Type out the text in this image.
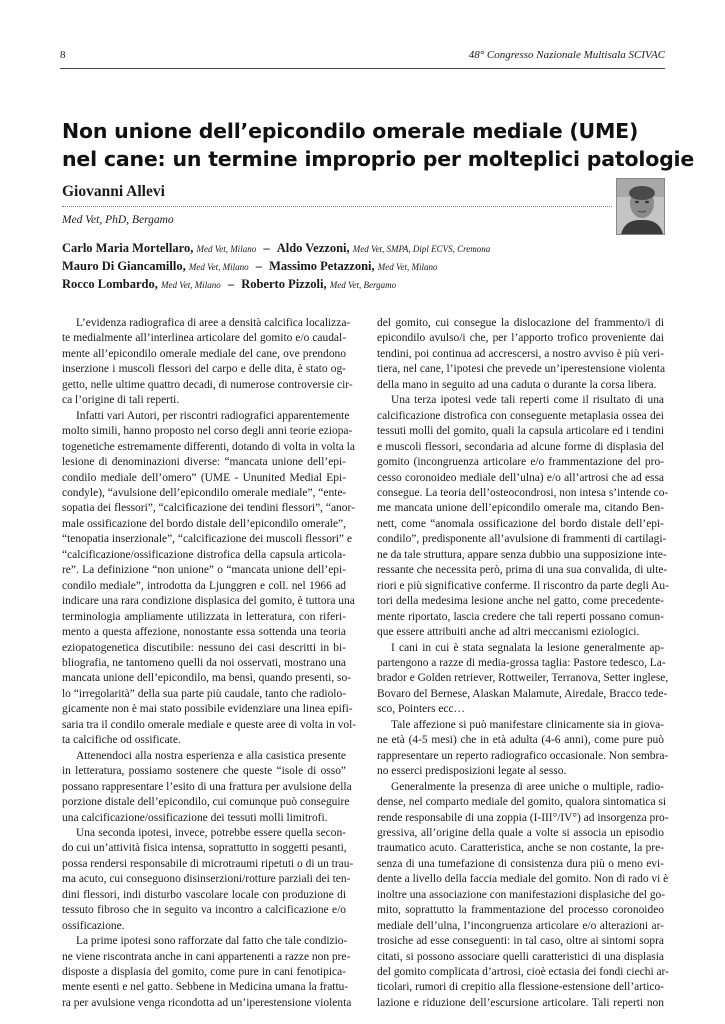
8	48° Congresso Nazionale Multisala SCIVAC
Non unione dell’epicondilo omerale mediale (UME)
nel cane: un termine improprio per molteplici patologie
Giovanni Allevi
Med Vet, PhD, Bergamo
Carlo Maria Mortellaro, Med Vet, Milano – Aldo Vezzoni, Med Vet, SMPA, Dipl ECVS, Cremona
Mauro Di Giancamillo, Med Vet, Milano – Massimo Petazzoni, Med Vet, Milano
Rocco Lombardo, Med Vet, Milano – Roberto Pizzoli, Med Vet, Bergamo
L’evidenza radiografica di aree a densità calcifica localizza-
te medialmente all’interlinea articolare del gomito e/o caudal-
mente all’epicondilo omerale mediale del cane, ove prendono
inserzione i muscoli flessori del carpo e delle dita, è stato og-
getto, nelle ultime quattro decadi, di numerose controversie cir-
ca l’origine di tali reperti.
Infatti vari Autori, per riscontri radiografici apparentemente
molto simili, hanno proposto nel corso degli anni teorie eziopa-
togenetiche estremamente differenti, dotando di volta in volta la
lesione di denominazioni diverse: “mancata unione dell’epi-
condilo mediale dell’omero” (UME - Ununited Medial Epi-
condyle), “avulsione dell’epicondilo omerale mediale”, “ente-
sopatia dei flessori”, “calcificazione dei tendini flessori”, “anor-
male ossificazione del bordo distale dell’epicondilo omerale”,
“tenopatia inserzionale”, “calcificazione dei muscoli flessori” e
“calcificazione/ossificazione distrofica della capsula articola-
re”. La definizione “non unione” o “mancata unione dell’epi-
condilo mediale”, introdotta da Ljunggren e coll. nel 1966 ad
indicare una rara condizione displasica del gomito, è tuttora una
terminologia ampliamente utilizzata in letteratura, con riferi-
mento a questa affezione, nonostante essa sottenda una teoria
eziopatogenetica discutibile: nessuno dei casi descritti in bi-
bliografia, ne tantomeno quelli da noi osservati, mostrano una
mancata unione dell’epicondilo, ma bensì, quando presenti, so-
lo “irregolarità” della sua parte più caudale, tanto che radiolo-
gicamente non è mai stato possibile evidenziare una linea epifi-
saria tra il condilo omerale mediale e queste aree di volta in vol-
ta calcifiche od ossificate.
Attenendoci alla nostra esperienza e alla casistica presente
in letteratura, possiamo sostenere che queste “isole di osso”
possano rappresentare l’esito di una frattura per avulsione della
porzione distale dell’epicondilo, cui comunque può conseguire
una calcificazione/ossificazione dei tessuti molli limitrofi.
Una seconda ipotesi, invece, potrebbe essere quella secon-
do cui un’attività fisica intensa, soprattutto in soggetti pesanti,
possa rendersi responsabile di microtraumi ripetuti o di un trau-
ma acuto, cui conseguono disinserzioni/rotture parziali dei ten-
dini flessori, indi disturbo vascolare locale con produzione di
tessuto fibroso che in seguito va incontro a calcificazione e/o
ossificazione.
La prime ipotesi sono rafforzate dal fatto che tale condizio-
ne viene riscontrata anche in cani appartenenti a razze non pre-
disposte a displasia del gomito, come pure in cani fenotipica-
mente esenti e nel gatto. Sebbene in Medicina umana la frattu-
ra per avulsione venga ricondotta ad un’iperestensione violenta
del gomito, cui consegue la dislocazione del frammento/i di
epicondilo avulso/i che, per l’apporto trofico proveniente dai
tendini, poi continua ad accrescersi, a nostro avviso è più veri-
tiera, nel cane, l’ipotesi che prevede un’iperestensione violenta
della mano in seguito ad una caduta o durante la corsa libera.
Una terza ipotesi vede tali reperti come il risultato di una
calcificazione distrofica con conseguente metaplasia ossea dei
tessuti molli del gomito, quali la capsula articolare ed i tendini
e muscoli flessori, secondaria ad alcune forme di displasia del
gomito (incongruenza articolare e/o frammentazione del pro-
cesso coronoideo mediale dell’ulna) e/o all’artrosi che ad essa
consegue. La teoria dell’osteocondrosi, non intesa s’intende co-
me mancata unione dell’epicondilo omerale ma, citando Ben-
nett, come “anomala ossificazione del bordo distale dell’epi-
condilo”, predisponente all’avulsione di frammenti di cartilagi-
ne da tale struttura, appare senza dubbio una supposizione inte-
ressante che necessita però, prima di una sua convalida, di ulte-
riori e più significative conferme. Il riscontro da parte degli Au-
tori della medesima lesione anche nel gatto, come precedente-
mente riportato, lascia credere che tali reperti possano comun-
que essere attribuiti anche ad altri meccanismi eziologici.
I cani in cui è stata segnalata la lesione generalmente ap-
partengono a razze di media-grossa taglia: Pastore tedesco, La-
brador e Golden retriever, Rottweiler, Terranova, Setter inglese,
Bovaro del Bernese, Alaskan Malamute, Airedale, Bracco tede-
sco, Pointers ecc…
Tale affezione si può manifestare clinicamente sia in giova-
ne età (4-5 mesi) che in età adulta (4-6 anni), come pure può
rappresentare un reperto radiografico occasionale. Non sembra-
no esserci predisposizioni legate al sesso.
Generalmente la presenza di aree uniche o multiple, radio-
dense, nel comparto mediale del gomito, qualora sintomatica si
rende responsabile di una zoppia (I-III°/IV°) ad insorgenza pro-
gressiva, all’origine della quale a volte si associa un episodio
traumatico acuto. Caratteristica, anche se non costante, la pre-
senza di una tumefazione di consistenza dura più o meno evi-
dente a livello della faccia mediale del gomito. Non di rado vi è
inoltre una associazione con manifestazioni displasiche del go-
mito, soprattutto la frammentazione del processo coronoideo
mediale dell’ulna, l’incongruenza articolare e/o alterazioni ar-
trosiche ad esse conseguenti: in tal caso, oltre ai sintomi sopra
citati, si possono associare quelli caratteristici di una displasia
del gomito complicata d’artrosi, cioè ectasia dei fondi ciechi ar-
ticolari, rumori di crepitio alla flessione-estensione dell’artico-
lazione e riduzione dell’escursione articolare. Tali reperti non
